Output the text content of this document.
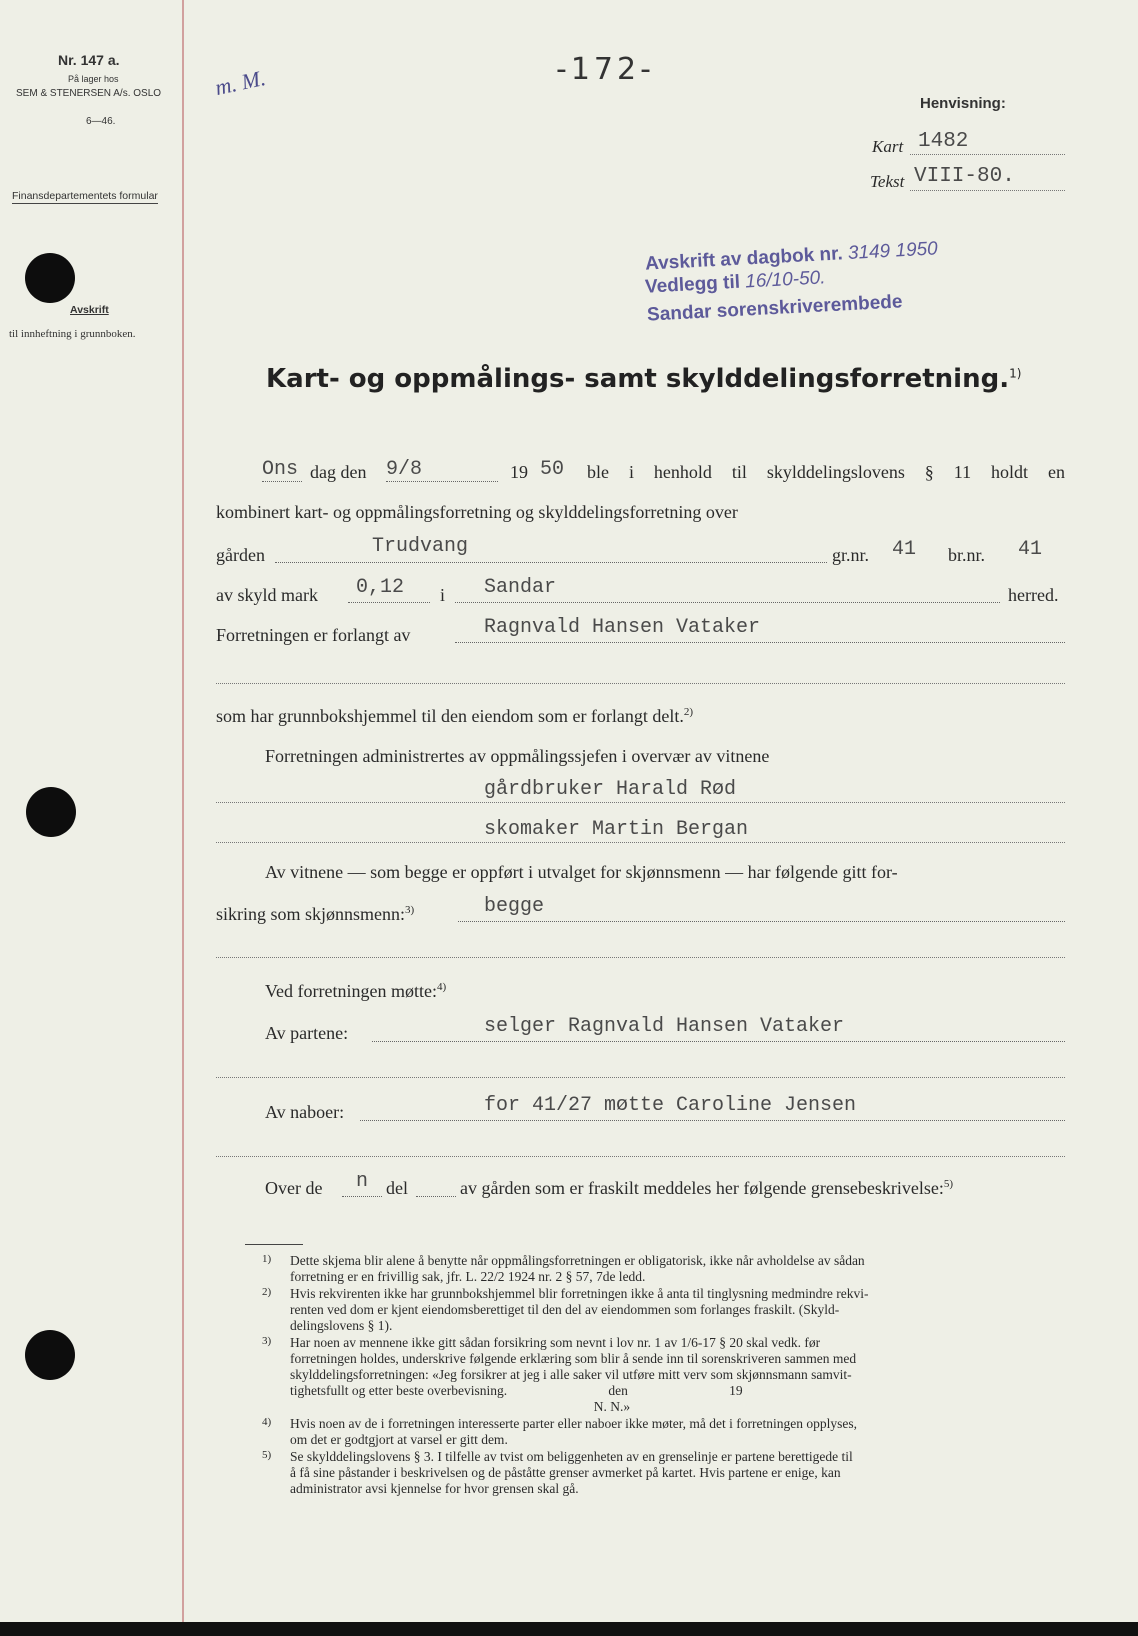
Nr. 147 a.
På lager hos
SEM & STENERSEN A/s. OSLO
6—46.
Finansdepartementets formular
Avskrift
til innheftning i grunnboken.
-172-
m. M.
Henvisning:
Kart 1482
Tekst VIII-80.
Avskrift av dagbok nr. 3149 1950
Vedlegg til 16/10-50.
Sandar sorenskriverembede
Kart- og oppmålings- samt skylddelingsforretning.$^{1)}$
Ons dag den 9/8	19 50 ble i henhold til skylddelingslovens § 11 holdt en
kombinert kart- og oppmålingsforretning og skylddelingsforretning over
gården	Trudvang	gr.nr. 41 br.nr. 41
av skyld mark 0,12 i Sandar	herred.
Forretningen er forlangt av	Ragnvald Hansen Vataker
som har grunnbokshjemmel til den eiendom som er forlangt delt.$^{2)}$
Forretningen administrertes av oppmålingssjefen i overvær av vitnene
gårdbruker Harald Rød
skomaker Martin Bergan
Av vitnene — som begge er oppført i utvalget for skjønnsmenn — har følgende gitt for-
sikring som skjønnsmenn:$^{3)}$	begge
Ved forretningen møtte:$^{4)}$
Av partene:	selger Ragnvald Hansen Vataker
Av naboer:	for 41/27 møtte Caroline Jensen
Over de n del	av gården som er fraskilt meddeles her følgende grensebeskrivelse:$^{5)}$
1) Dette skjema blir alene å benytte når oppmålingsforretningen er obligatorisk, ikke når avholdelse av sådan
forretning er en frivillig sak, jfr. L. 22/2 1924 nr. 2 § 57, 7de ledd.
2) Hvis rekvirenten ikke har grunnbokshjemmel blir forretningen ikke å anta til tinglysning medmindre rekvi-
renten ved dom er kjent eiendomsberettiget til den del av eiendommen som forlanges fraskilt. (Skyld-
delingslovens § 1).
3) Har noen av mennene ikke gitt sådan forsikring som nevnt i lov nr. 1 av 1/6-17 § 20 skal vedk. før
forretningen holdes, underskrive følgende erklæring som blir å sende inn til sorenskriveren sammen med
skylddelingsforretningen: «Jeg forsikrer at jeg i alle saker vil utføre mitt verv som skjønnsmann samvit-
tighetsfullt og etter beste overbevisning.                              den                              19
N. N.»
4) Hvis noen av de i forretningen interesserte parter eller naboer ikke møter, må det i forretningen opplyses,
om det er godtgjort at varsel er gitt dem.
5) Se skylddelingslovens § 3. I tilfelle av tvist om beliggenheten av en grenselinje er partene berettigede til
å få sine påstander i beskrivelsen og de påståtte grenser avmerket på kartet. Hvis partene er enige, kan
administrator avsi kjennelse for hvor grensen skal gå.
